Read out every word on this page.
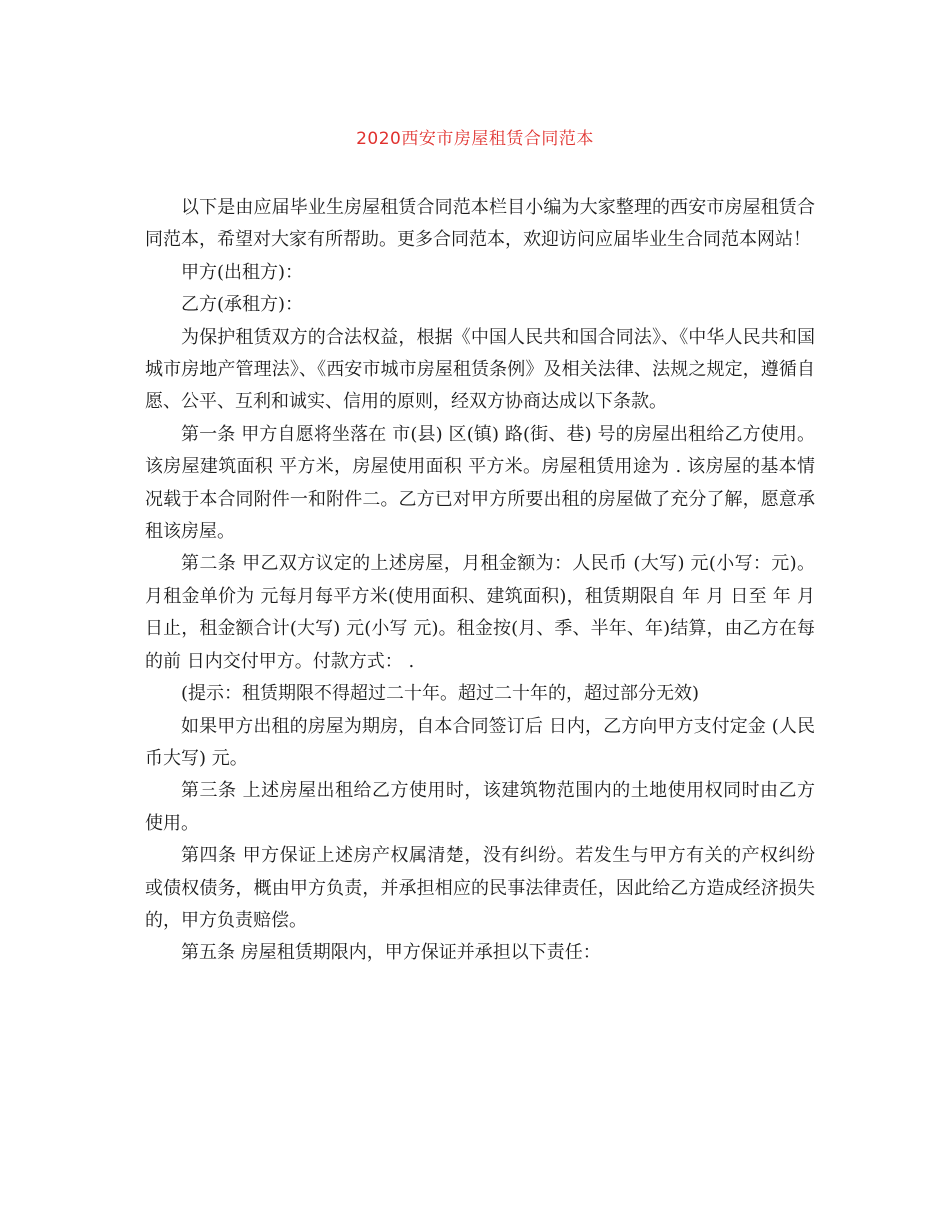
2020西安市房屋租赁合同范本

以下是由应届毕业生房屋租赁合同范本栏目小编为大家整理的西安市房屋租赁合同范本，希望对大家有所帮助。更多合同范本，欢迎访问应届毕业生合同范本网站！

甲方(出租方)：

乙方(承租方)：

为保护租赁双方的合法权益，根据《中国人民共和国合同法》、《中华人民共和国城市房地产管理法》、《西安市城市房屋租赁条例》及相关法律、法规之规定，遵循自愿、公平、互利和诚实、信用的原则，经双方协商达成以下条款。

第一条 甲方自愿将坐落在 市(县) 区(镇) 路(街、巷) 号的房屋出租给乙方使用。该房屋建筑面积 平方米，房屋使用面积 平方米。房屋租赁用途为 . 该房屋的基本情况载于本合同附件一和附件二。乙方已对甲方所要出租的房屋做了充分了解，愿意承租该房屋。

第二条 甲乙双方议定的上述房屋，月租金额为：人民币 (大写) 元(小写：元)。月租金单价为 元每月每平方米(使用面积、建筑面积)，租赁期限自 年 月 日至 年 月 日止，租金额合计(大写) 元(小写 元)。租金按(月、季、半年、年)结算，由乙方在每 的前 日内交付甲方。付款方式： .

(提示：租赁期限不得超过二十年。超过二十年的，超过部分无效)

如果甲方出租的房屋为期房，自本合同签订后 日内，乙方向甲方支付定金 (人民币大写) 元。

第三条 上述房屋出租给乙方使用时，该建筑物范围内的土地使用权同时由乙方使用。

第四条 甲方保证上述房产权属清楚，没有纠纷。若发生与甲方有关的产权纠纷或债权债务，概由甲方负责，并承担相应的民事法律责任，因此给乙方造成经济损失的，甲方负责赔偿。

第五条 房屋租赁期限内，甲方保证并承担以下责任：
